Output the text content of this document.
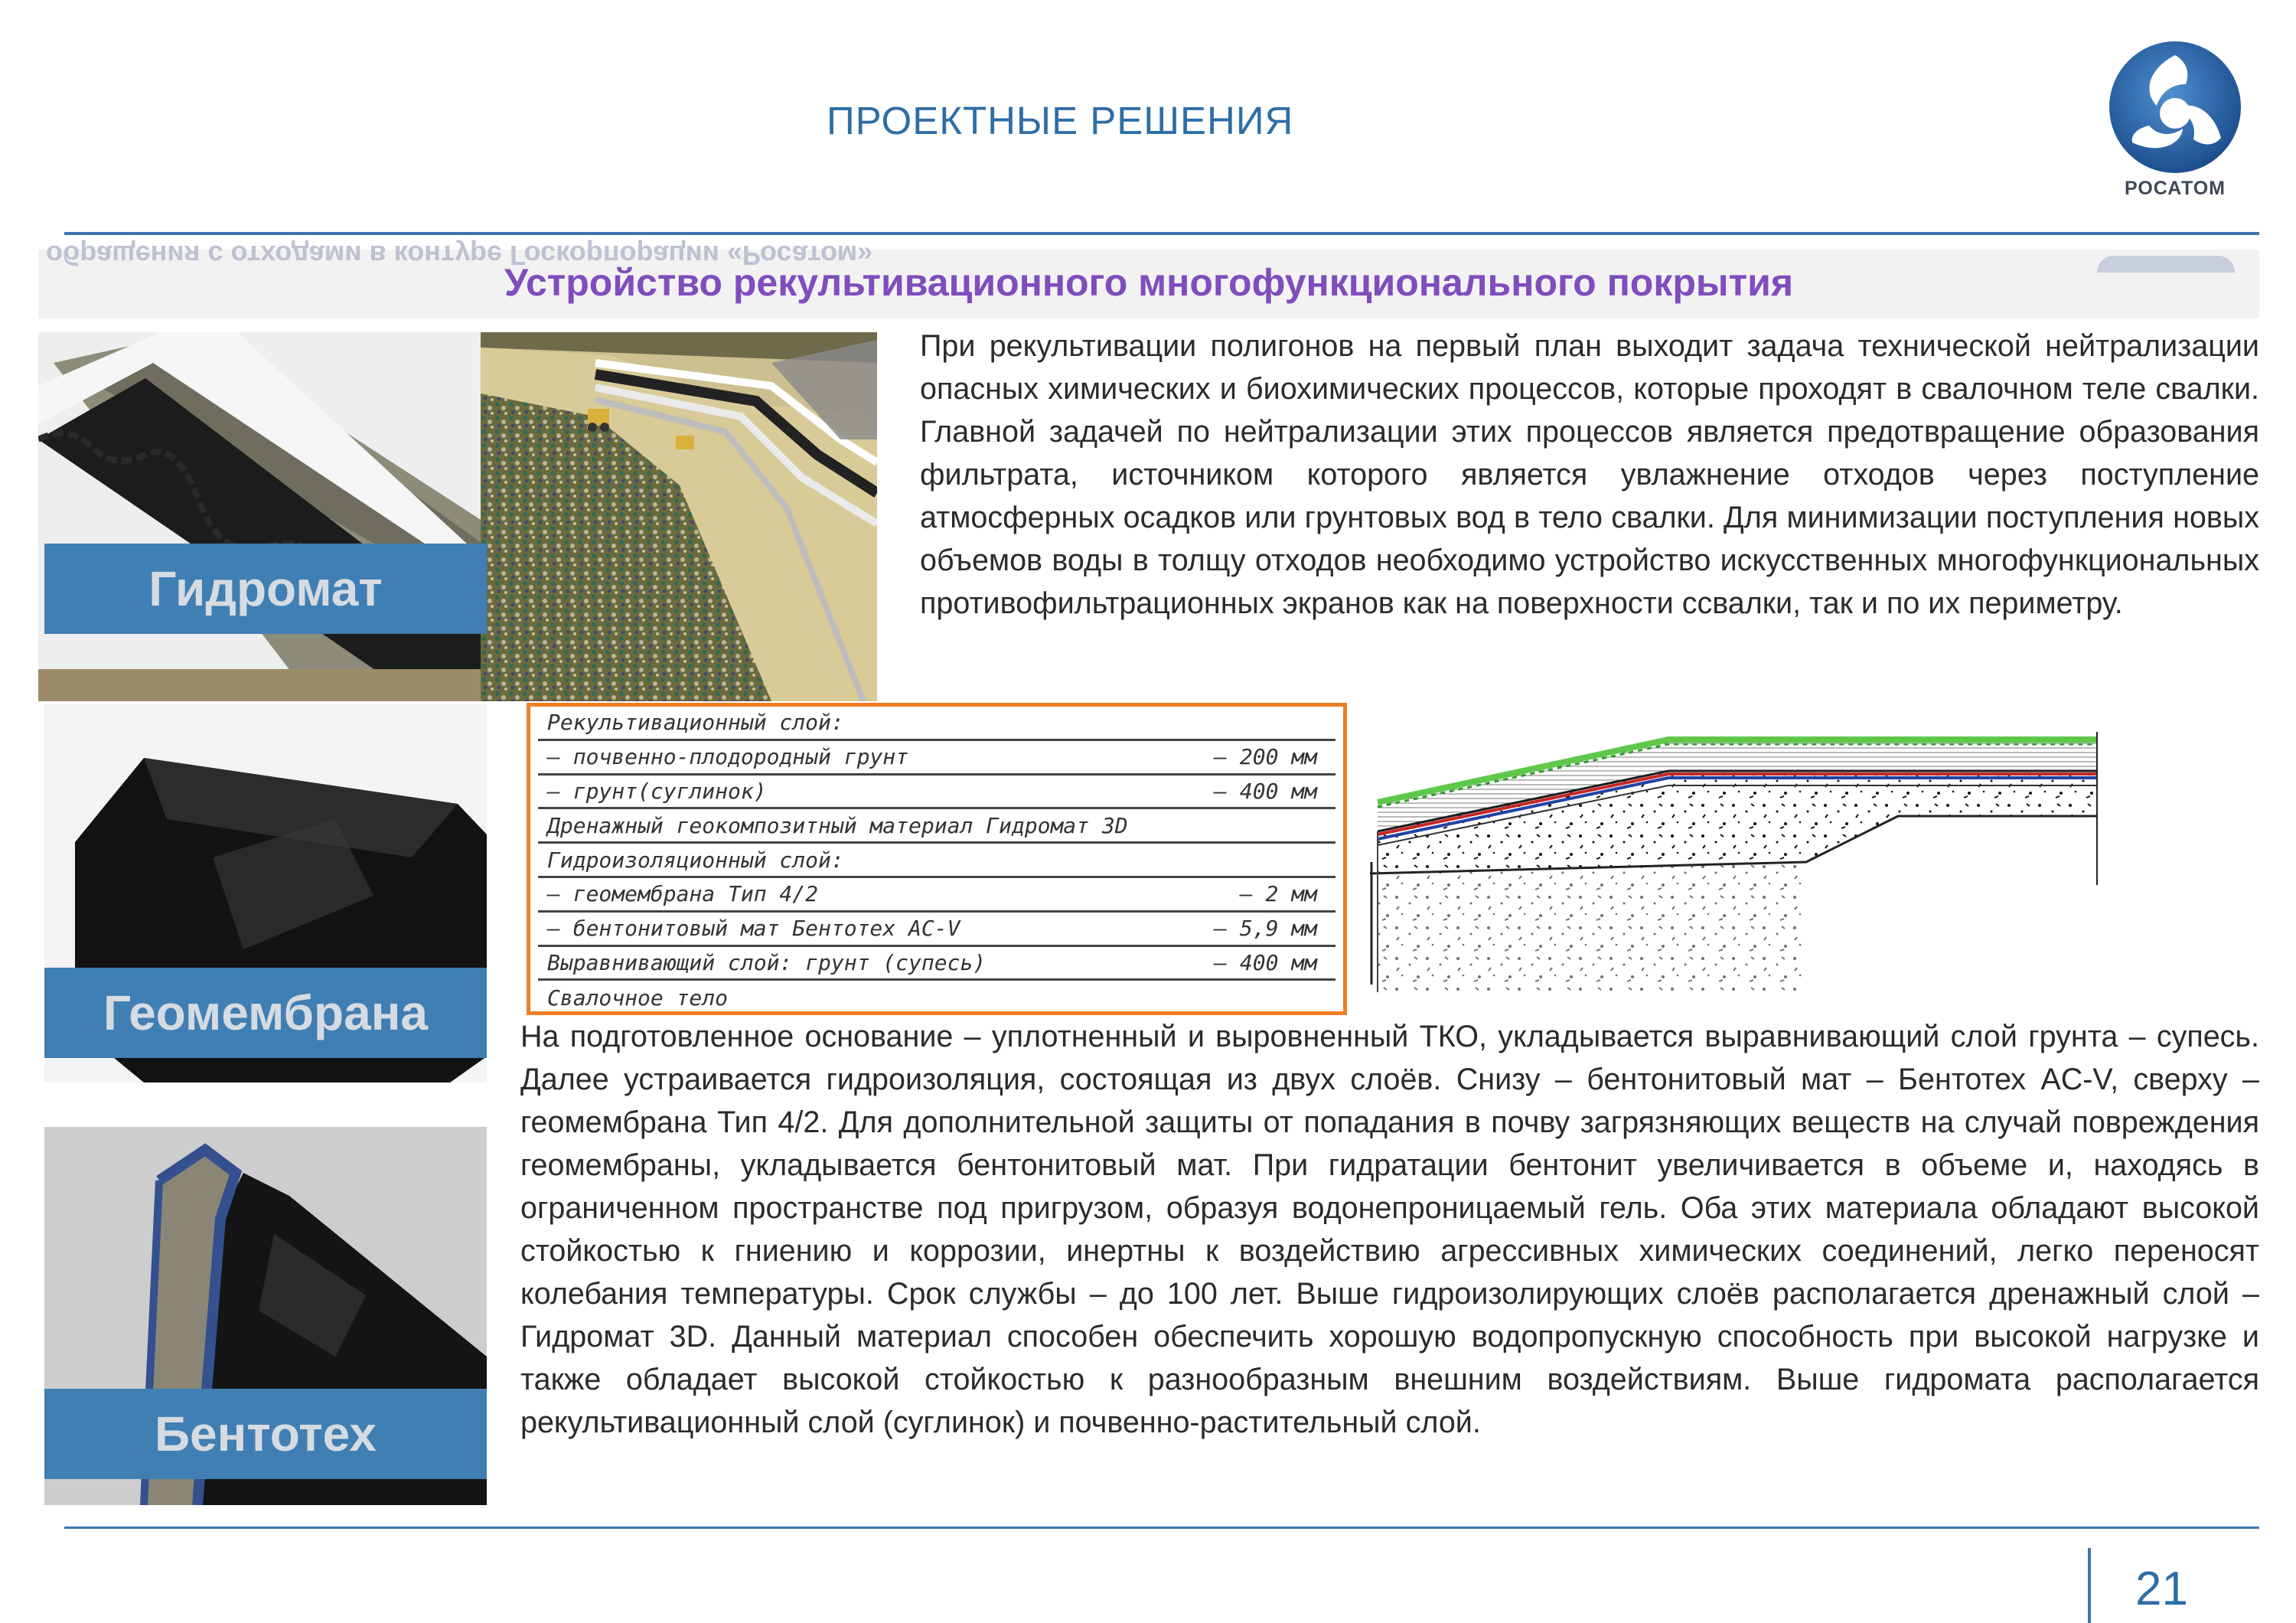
ПРОЕКТНЫЕ РЕШЕНИЯ
РОСАТОМ
обращения с отходами в контуре Госкорпорации «Росатом»
Устройство рекультивационного многофункционального покрытия
Гидромат
Геомембрана
Бентотех
При рекультивации полигонов на первый план выходит задача технической нейтрализации опасных химических и биохимических процессов, которые проходят в свалочном теле свалки. Главной задачей по нейтрализации этих процессов является предотвращение образования фильтрата, источником которого является увлажнение отходов через поступление атмосферных осадков или грунтовых вод в тело свалки. Для минимизации поступления новых объемов воды в толщу отходов необходимо устройство искусственных многофункциональных противофильтрационных экранов как на поверхности ссвалки, так и по их периметру.
Рекультивационный слой:
– почвенно-плодородный грунт	– 200 мм
– грунт(суглинок)	– 400 мм
Дренажный геокомпозитный материал Гидромат 3D
Гидроизоляционный слой:
– геомембрана Тип 4/2	– 2 мм
– бентонитовый мат Бентотех AC-V	– 5,9 мм
Выравнивающий слой: грунт (супесь)	– 400 мм
Свалочное тело
На подготовленное основание – уплотненный и выровненный ТКО, укладывается выравнивающий слой грунта – супесь. Далее устраивается гидроизоляция, состоящая из двух слоёв. Снизу – бентонитовый мат – Бентотех AC-V, сверху – геомембрана Тип 4/2. Для дополнительной защиты от попадания в почву загрязняющих веществ на случай повреждения геомембраны, укладывается бентонитовый мат. При гидратации бентонит увеличивается в объеме и, находясь в ограниченном пространстве под пригрузом, образуя водонепроницаемый гель. Оба этих материала обладают высокой стойкостью к гниению и коррозии, инертны к воздействию агрессивных химических соединений, легко переносят колебания температуры. Срок службы – до 100 лет. Выше гидроизолирующих слоёв располагается дренажный слой – Гидромат 3D. Данный материал способен обеспечить хорошую водопропускную способность при высокой нагрузке и также обладает высокой стойкостью к разнообразным внешним воздействиям. Выше гидромата располагается рекультивационный слой (суглинок) и почвенно-растительный слой.
21
